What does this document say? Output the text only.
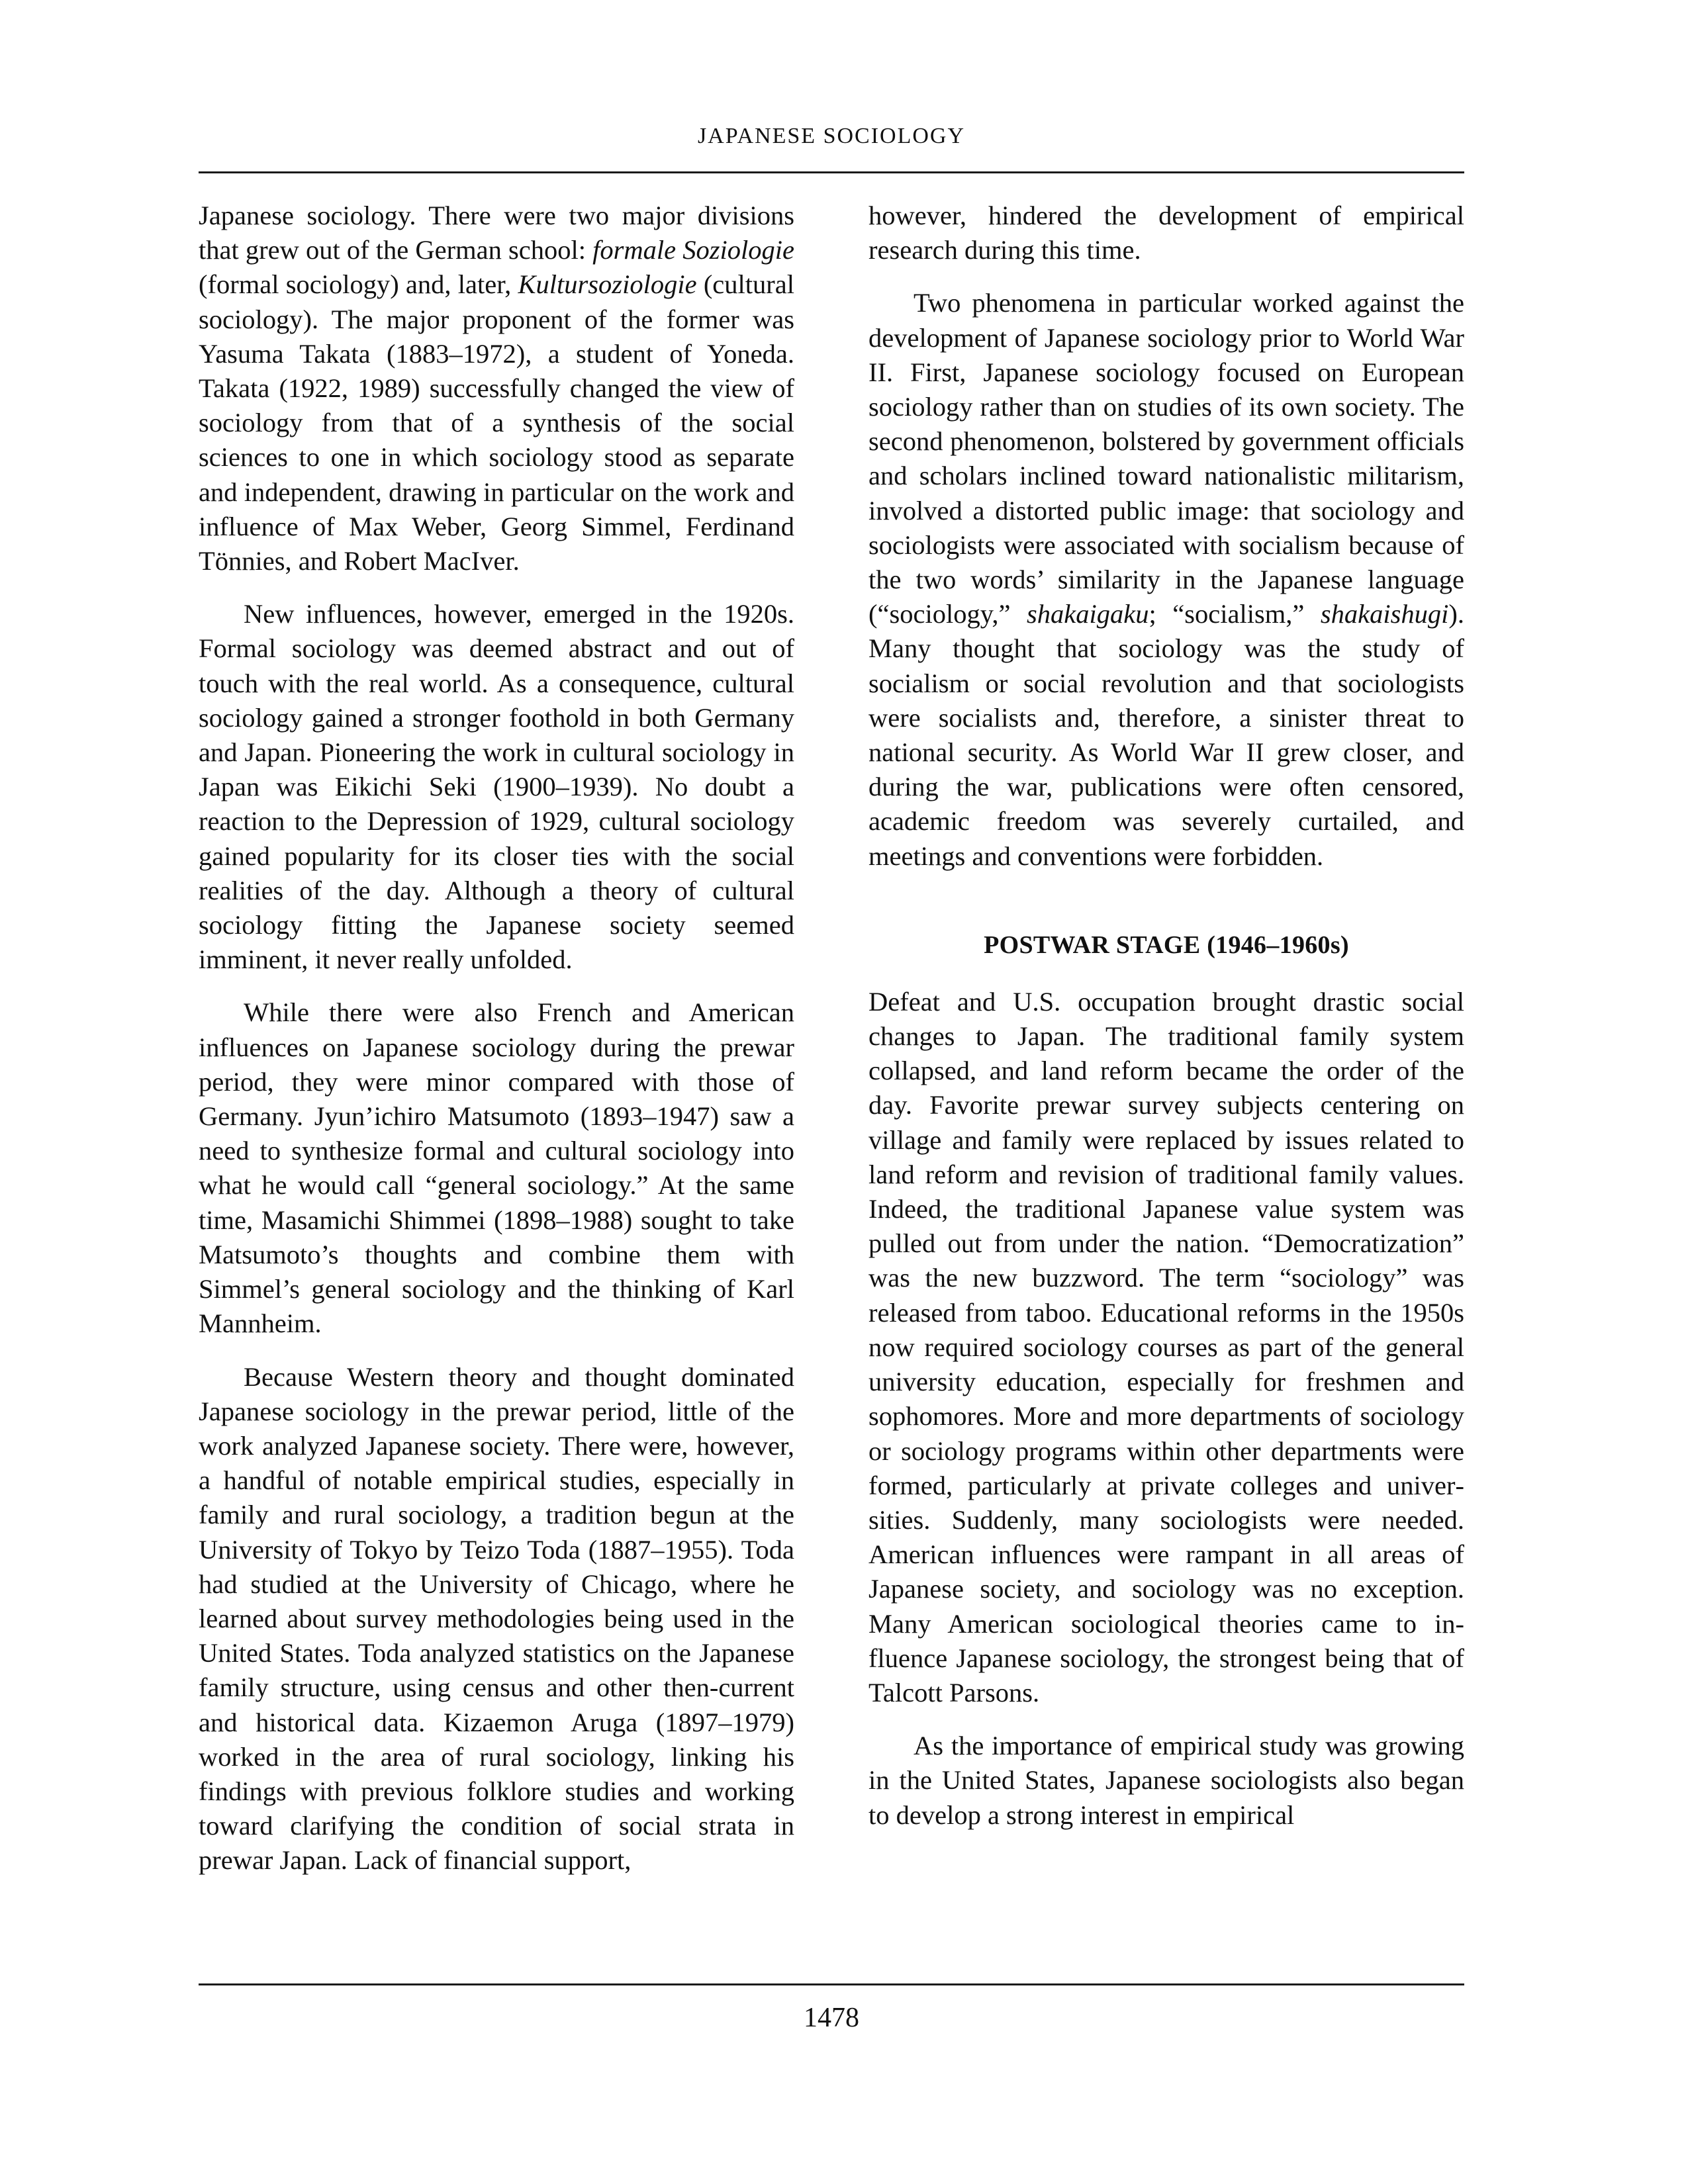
JAPANESE SOCIOLOGY

Japanese sociology. There were two major divisions that grew out of the German school: formale Soziologie (formal sociology) and, later, Kultursoziologie (cultural sociology). The major proponent of the former was Yasuma Takata (1883–1972), a student of Yoneda. Takata (1922, 1989) successfully changed the view of sociology from that of a synthesis of the social sciences to one in which sociology stood as separate and independent, drawing in particular on the work and influence of Max Weber, Georg Simmel, Ferdinand Tönnies, and Robert MacIver.

New influences, however, emerged in the 1920s. Formal sociology was deemed abstract and out of touch with the real world. As a consequence, cultural sociology gained a stronger foothold in both Germany and Japan. Pioneering the work in cultural sociology in Japan was Eikichi Seki (1900–1939). No doubt a reaction to the Depression of 1929, cultural sociology gained popularity for its closer ties with the social realities of the day. Although a theory of cultural sociology fitting the Japanese society seemed imminent, it never really unfolded.

While there were also French and American influences on Japanese sociology during the prewar period, they were minor compared with those of Germany. Jyun’ichiro Matsumoto (1893–1947) saw a need to synthesize formal and cultural sociology into what he would call “general sociology.” At the same time, Masamichi Shimmei (1898–1988) sought to take Matsumoto’s thoughts and combine them with Simmel’s general sociology and the thinking of Karl Mannheim.

Because Western theory and thought dominated Japanese sociology in the prewar period, little of the work analyzed Japanese society. There were, however, a handful of notable empirical studies, especially in family and rural sociology, a tradition begun at the University of Tokyo by Teizo Toda (1887–1955). Toda had studied at the University of Chicago, where he learned about survey methodologies being used in the United States. Toda analyzed statistics on the Japanese family structure, using census and other then-current and historical data. Kizaemon Aruga (1897–1979) worked in the area of rural sociology, linking his findings with previous folklore studies and working toward clarifying the condition of social strata in prewar Japan. Lack of financial support,

however, hindered the development of empirical research during this time.

Two phenomena in particular worked against the development of Japanese sociology prior to World War II. First, Japanese sociology focused on European sociology rather than on studies of its own society. The second phenomenon, bolstered by government officials and scholars inclined toward nationalistic militarism, involved a distorted public image: that sociology and sociologists were associated with socialism because of the two words’ similarity in the Japanese language (“sociology,” shakaigaku; “socialism,” shakaishugi). Many thought that sociology was the study of socialism or social revolution and that sociologists were socialists and, therefore, a sinister threat to national security. As World War II grew closer, and during the war, publications were often censored, academic freedom was severely curtailed, and meetings and conventions were forbidden.

POSTWAR STAGE (1946–1960s)

Defeat and U.S. occupation brought drastic social changes to Japan. The traditional family system collapsed, and land reform became the order of the day. Favorite prewar survey subjects centering on village and family were replaced by issues related to land reform and revision of traditional family values. Indeed, the traditional Japanese value system was pulled out from under the nation. “Democratization” was the new buzzword. The term “sociology” was released from taboo. Educational reforms in the 1950s now required sociology courses as part of the general university education, especially for freshmen and sophomores. More and more departments of sociology or sociology programs within other departments were formed, particularly at private colleges and universities. Suddenly, many sociologists were needed. American influences were rampant in all areas of Japanese society, and sociology was no exception. Many American sociological theories came to influence Japanese sociology, the strongest being that of Talcott Parsons.

As the importance of empirical study was growing in the United States, Japanese sociologists also began to develop a strong interest in empirical

1478
